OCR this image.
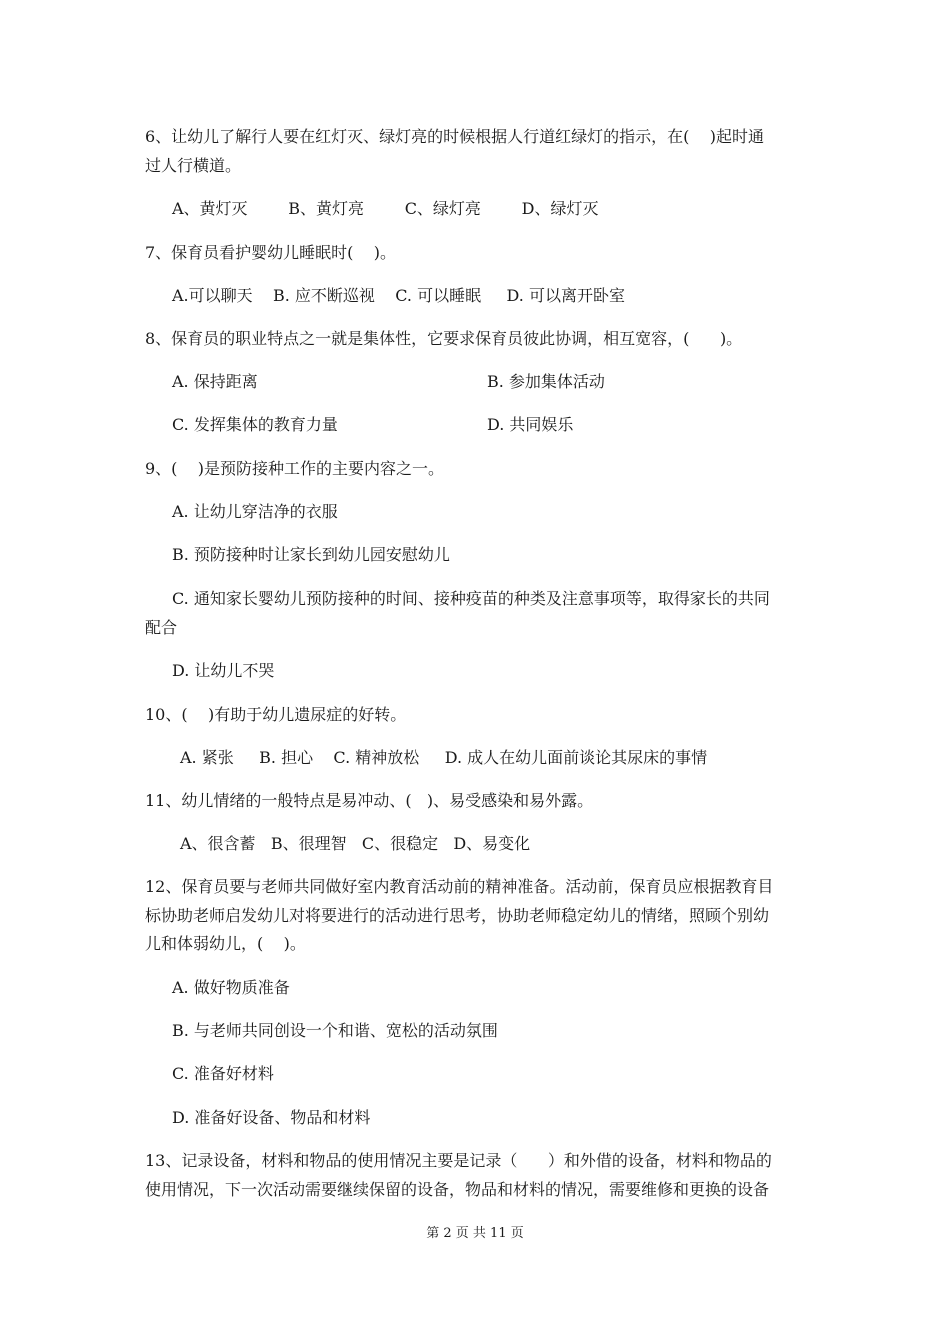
6、让幼儿了解行人要在红灯灭、绿灯亮的时候根据人行道红绿灯的指示，在(    )起时通
过人行横道。
A、黄灯灭        B、黄灯亮        C、绿灯亮        D、绿灯灭
7、保育员看护婴幼儿睡眠时(    )。
A.可以聊天    B. 应不断巡视    C. 可以睡眠     D. 可以离开卧室
8、保育员的职业特点之一就是集体性，它要求保育员彼此协调，相互宽容，(      )。
A. 保持距离	B. 参加集体活动
C. 发挥集体的教育力量	D. 共同娱乐
9、(    )是预防接种工作的主要内容之一。
A. 让幼儿穿洁净的衣服
B. 预防接种时让家长到幼儿园安慰幼儿
C. 通知家长婴幼儿预防接种的时间、接种疫苗的种类及注意事项等，取得家长的共同
配合
D. 让幼儿不哭
10、(    )有助于幼儿遗尿症的好转。
A. 紧张     B. 担心    C. 精神放松     D. 成人在幼儿面前谈论其尿床的事情
11、幼儿情绪的一般特点是易冲动、(   )、易受感染和易外露。
A、很含蓄   B、很理智   C、很稳定   D、易变化
12、保育员要与老师共同做好室内教育活动前的精神准备。活动前，保育员应根据教育目
标协助老师启发幼儿对将要进行的活动进行思考，协助老师稳定幼儿的情绪，照顾个别幼
儿和体弱幼儿，(    )。
A. 做好物质准备
B. 与老师共同创设一个和谐、宽松的活动氛围
C. 准备好材料
D. 准备好设备、物品和材料
13、记录设备，材料和物品的使用情况主要是记录（      ）和外借的设备，材料和物品的
使用情况，下一次活动需要继续保留的设备，物品和材料的情况，需要维修和更换的设备
第 2 页 共 11 页
